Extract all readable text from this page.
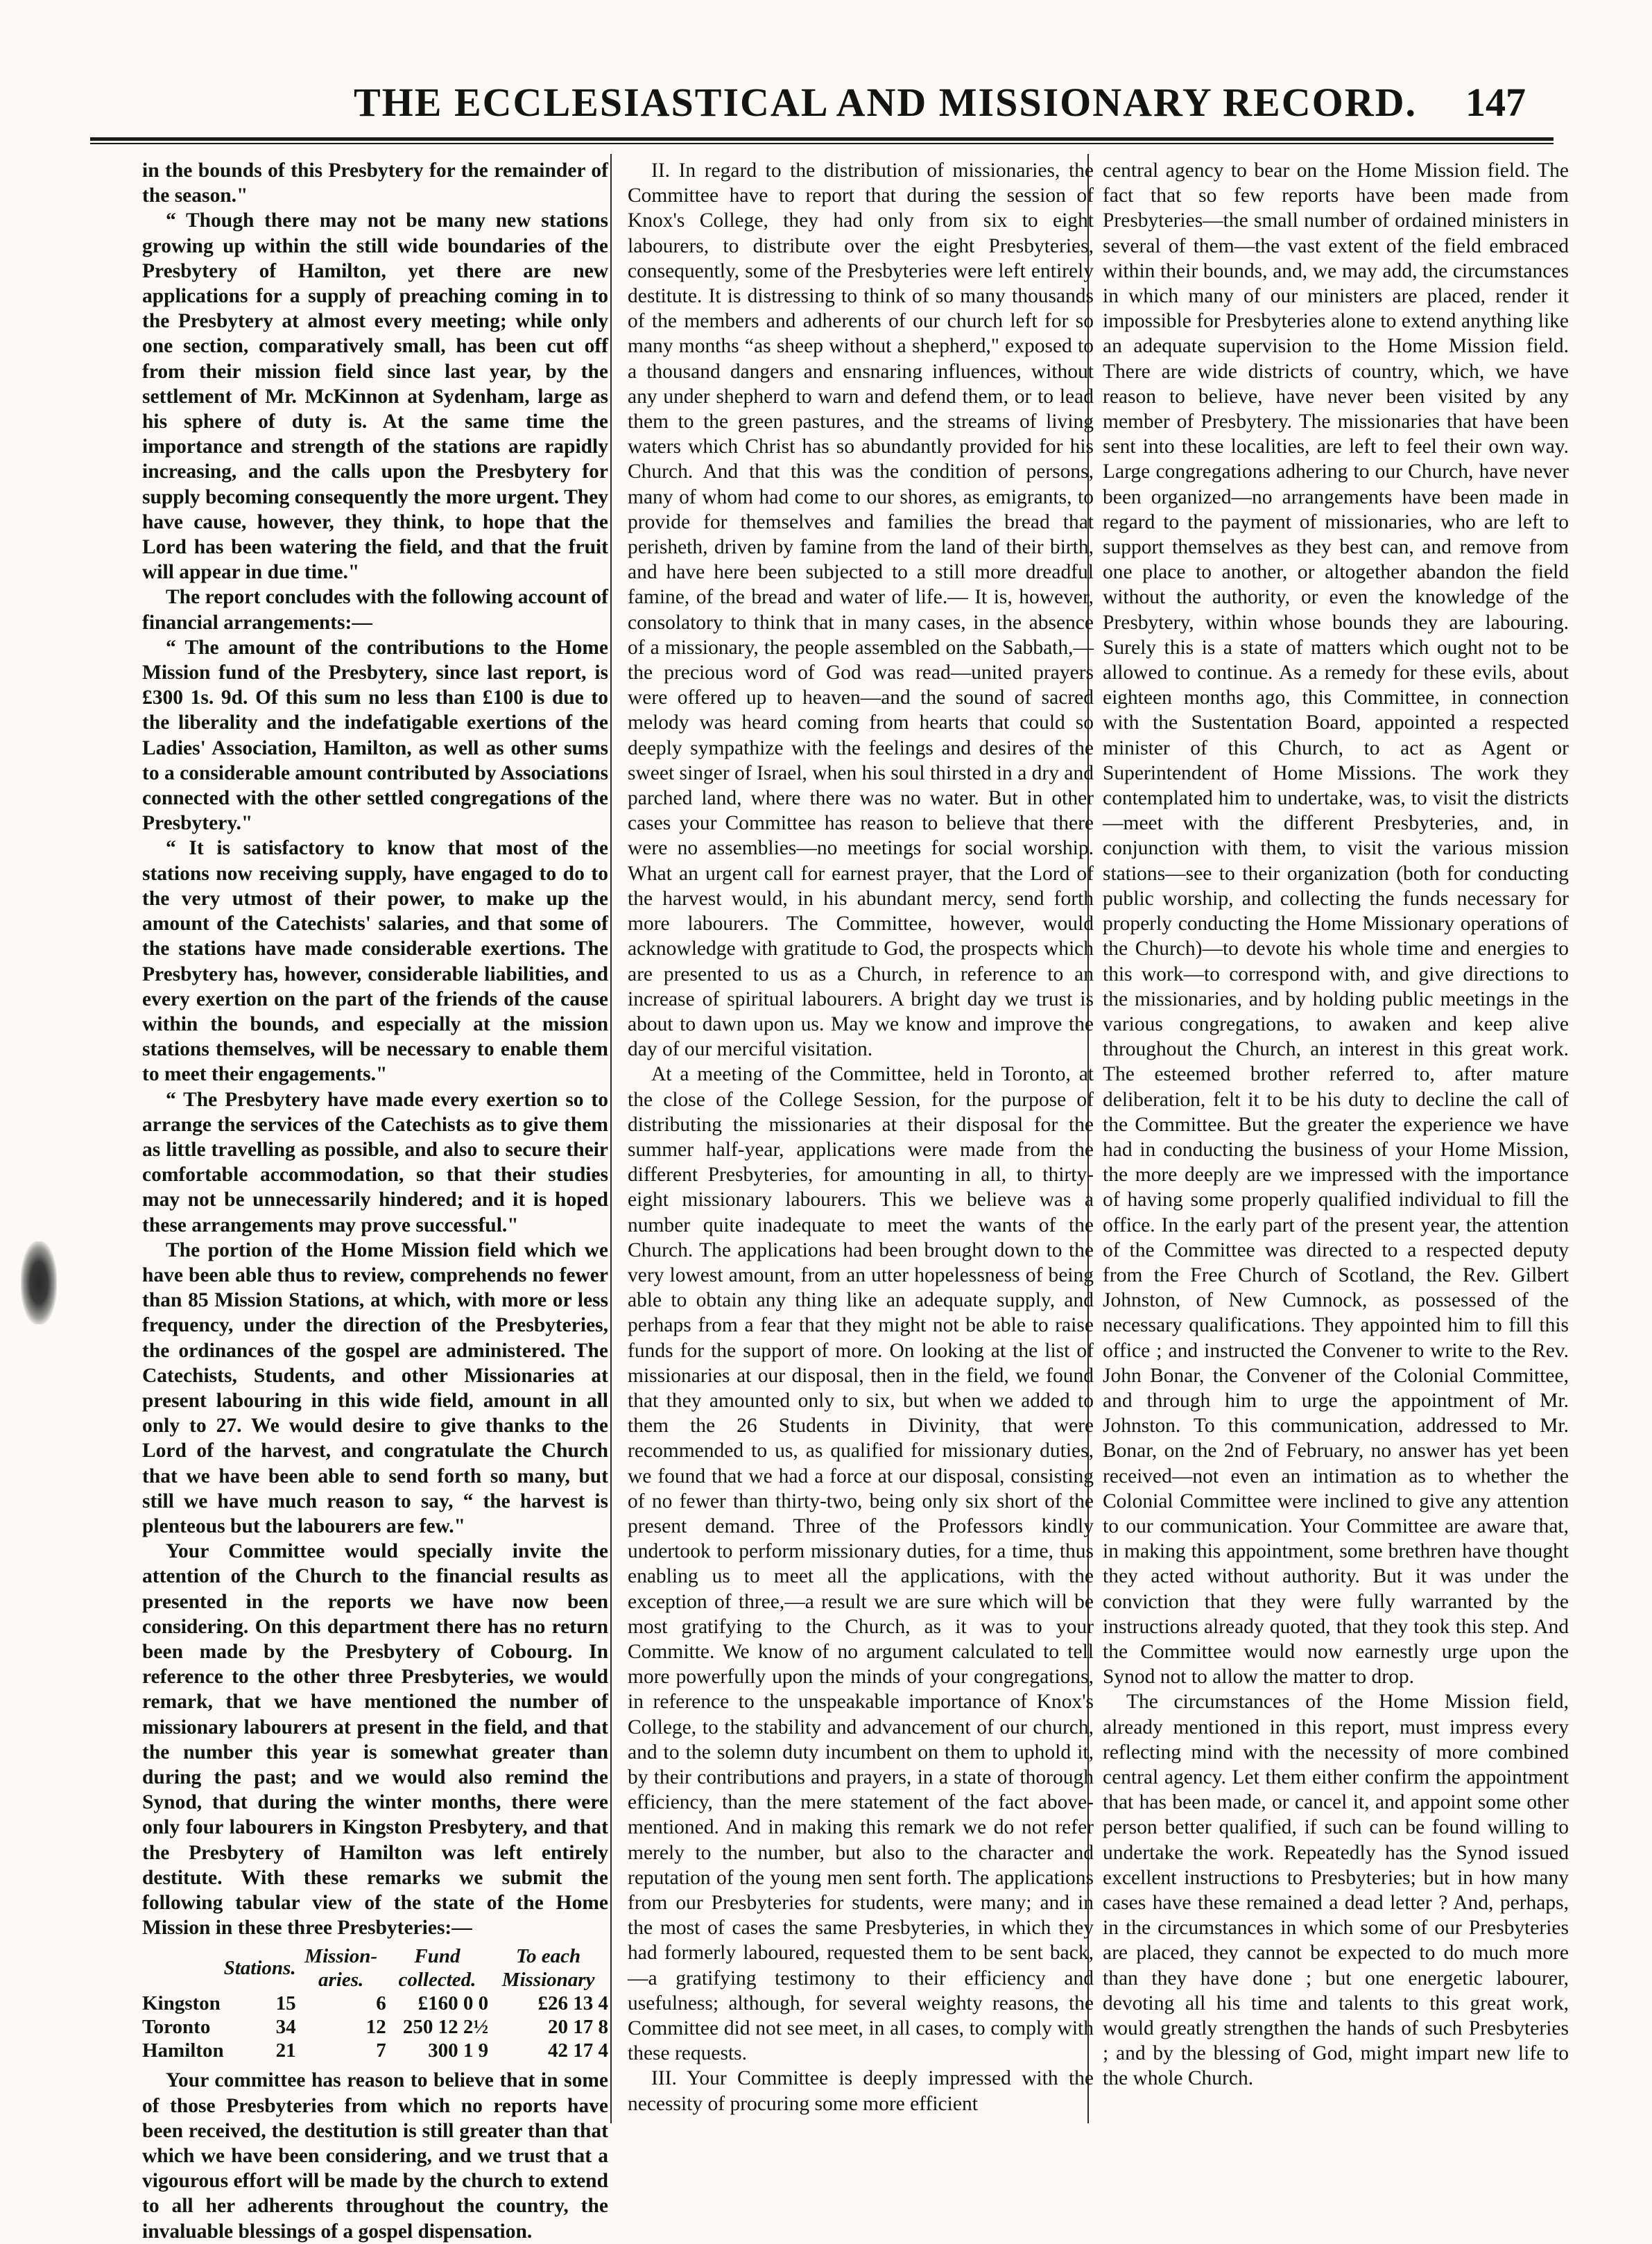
THE ECCLESIASTICAL AND MISSIONARY RECORD. 147

in the bounds of this Presbytery for the remainder of the season."

“ Though there may not be many new stations growing up within the still wide boundaries of the Presbytery of Hamilton, yet there are new applications for a supply of preaching coming in to the Presbytery at almost every meeting; while only one section, comparatively small, has been cut off from their mission field since last year, by the settlement of Mr. McKinnon at Sydenham, large as his sphere of duty is. At the same time the importance and strength of the stations are rapidly increasing, and the calls upon the Presbytery for supply becoming consequently the more urgent. They have cause, however, they think, to hope that the Lord has been watering the field, and that the fruit will appear in due time."

The report concludes with the following account of financial arrangements:—

“ The amount of the contributions to the Home Mission fund of the Presbytery, since last report, is £300 1s. 9d. Of this sum no less than £100 is due to the liberality and the indefatigable exertions of the Ladies' Association, Hamilton, as well as other sums to a considerable amount contributed by Associations connected with the other settled congregations of the Presbytery."

“ It is satisfactory to know that most of the stations now receiving supply, have engaged to do to the very utmost of their power, to make up the amount of the Catechists' salaries, and that some of the stations have made considerable exertions. The Presbytery has, however, considerable liabilities, and every exertion on the part of the friends of the cause within the bounds, and especially at the mission stations themselves, will be necessary to enable them to meet their engagements."

“ The Presbytery have made every exertion so to arrange the services of the Catechists as to give them as little travelling as possible, and also to secure their comfortable accommodation, so that their studies may not be unnecessarily hindered; and it is hoped these arrangements may prove successful."

The portion of the Home Mission field which we have been able thus to review, comprehends no fewer than 85 Mission Stations, at which, with more or less frequency, under the direction of the Presbyteries, the ordinances of the gospel are administered. The Catechists, Students, and other Missionaries at present labouring in this wide field, amount in all only to 27. We would desire to give thanks to the Lord of the harvest, and congratulate the Church that we have been able to send forth so many, but still we have much reason to say, “ the harvest is plenteous but the labourers are few."

Your Committee would specially invite the attention of the Church to the financial results as presented in the reports we have now been considering. On this department there has no return been made by the Presbytery of Cobourg. In reference to the other three Presbyteries, we would remark, that we have mentioned the number of missionary labourers at present in the field, and that the number this year is somewhat greater than during the past; and we would also remind the Synod, that during the winter months, there were only four labourers in Kingston Presbytery, and that the Presbytery of Hamilton was left entirely destitute. With these remarks we submit the following tabular view of the state of the Home Mission in these three Presbyteries:—

	Stations.	Mission-aries.	Fund collected.	To each Missionary
Kingston	15	6	£160 0 0	£26 13 4
Toronto	34	12	250 12 2½	20 17 8
Hamilton	21	7	300 1 9	42 17 4

Your committee has reason to believe that in some of those Presbyteries from which no reports have been received, the destitution is still greater than that which we have been considering, and we trust that a vigourous effort will be made by the church to extend to all her adherents throughout the country, the invaluable blessings of a gospel dispensation.

II. In regard to the distribution of missionaries, the Committee have to report that during the session of Knox's College, they had only from six to eight labourers, to distribute over the eight Presbyteries, consequently, some of the Presbyteries were left entirely destitute. It is distressing to think of so many thousands of the members and adherents of our church left for so many months “as sheep without a shepherd," exposed to a thousand dangers and ensnaring influences, without any under shepherd to warn and defend them, or to lead them to the green pastures, and the streams of living waters which Christ has so abundantly provided for his Church. And that this was the condition of persons, many of whom had come to our shores, as emigrants, to provide for themselves and families the bread that perisheth, driven by famine from the land of their birth, and have here been subjected to a still more dreadful famine, of the bread and water of life.— It is, however, consolatory to think that in many cases, in the absence of a missionary, the people assembled on the Sabbath,—the precious word of God was read—united prayers were offered up to heaven—and the sound of sacred melody was heard coming from hearts that could so deeply sympathize with the feelings and desires of the sweet singer of Israel, when his soul thirsted in a dry and parched land, where there was no water. But in other cases your Committee has reason to believe that there were no assemblies—no meetings for social worship. What an urgent call for earnest prayer, that the Lord of the harvest would, in his abundant mercy, send forth more labourers. The Committee, however, would acknowledge with gratitude to God, the prospects which are presented to us as a Church, in reference to an increase of spiritual labourers. A bright day we trust is about to dawn upon us. May we know and improve the day of our merciful visitation.

At a meeting of the Committee, held in Toronto, at the close of the College Session, for the purpose of distributing the missionaries at their disposal for the summer half-year, applications were made from the different Presbyteries, for amounting in all, to thirty-eight missionary labourers. This we believe was a number quite inadequate to meet the wants of the Church. The applications had been brought down to the very lowest amount, from an utter hopelessness of being able to obtain any thing like an adequate supply, and perhaps from a fear that they might not be able to raise funds for the support of more. On looking at the list of missionaries at our disposal, then in the field, we found that they amounted only to six, but when we added to them the 26 Students in Divinity, that were recommended to us, as qualified for missionary duties, we found that we had a force at our disposal, consisting of no fewer than thirty-two, being only six short of the present demand. Three of the Professors kindly undertook to perform missionary duties, for a time, thus enabling us to meet all the applications, with the exception of three,—a result we are sure which will be most gratifying to the Church, as it was to your Committe. We know of no argument calculated to tell more powerfully upon the minds of your congregations, in reference to the unspeakable importance of Knox's College, to the stability and advancement of our church, and to the solemn duty incumbent on them to uphold it, by their contributions and prayers, in a state of thorough efficiency, than the mere statement of the fact above-mentioned. And in making this remark we do not refer merely to the number, but also to the character and reputation of the young men sent forth. The applications from our Presbyteries for students, were many; and in the most of cases the same Presbyteries, in which they had formerly laboured, requested them to be sent back,—a gratifying testimony to their efficiency and usefulness; although, for several weighty reasons, the Committee did not see meet, in all cases, to comply with these requests.

III. Your Committee is deeply impressed with the necessity of procuring some more efficient

central agency to bear on the Home Mission field. The fact that so few reports have been made from Presbyteries—the small number of ordained ministers in several of them—the vast extent of the field embraced within their bounds, and, we may add, the circumstances in which many of our ministers are placed, render it impossible for Presbyteries alone to extend anything like an adequate supervision to the Home Mission field. There are wide districts of country, which, we have reason to believe, have never been visited by any member of Presbytery. The missionaries that have been sent into these localities, are left to feel their own way. Large congregations adhering to our Church, have never been organized—no arrangements have been made in regard to the payment of missionaries, who are left to support themselves as they best can, and remove from one place to another, or altogether abandon the field without the authority, or even the knowledge of the Presbytery, within whose bounds they are labouring. Surely this is a state of matters which ought not to be allowed to continue. As a remedy for these evils, about eighteen months ago, this Committee, in connection with the Sustentation Board, appointed a respected minister of this Church, to act as Agent or Superintendent of Home Missions. The work they contemplated him to undertake, was, to visit the districts—meet with the different Presbyteries, and, in conjunction with them, to visit the various mission stations—see to their organization (both for conducting public worship, and collecting the funds necessary for properly conducting the Home Missionary operations of the Church)—to devote his whole time and energies to this work—to correspond with, and give directions to the missionaries, and by holding public meetings in the various congregations, to awaken and keep alive throughout the Church, an interest in this great work. The esteemed brother referred to, after mature deliberation, felt it to be his duty to decline the call of the Committee. But the greater the experience we have had in conducting the business of your Home Mission, the more deeply are we impressed with the importance of having some properly qualified individual to fill the office. In the early part of the present year, the attention of the Committee was directed to a respected deputy from the Free Church of Scotland, the Rev. Gilbert Johnston, of New Cumnock, as possessed of the necessary qualifications. They appointed him to fill this office ; and instructed the Convener to write to the Rev. John Bonar, the Convener of the Colonial Committee, and through him to urge the appointment of Mr. Johnston. To this communication, addressed to Mr. Bonar, on the 2nd of February, no answer has yet been received—not even an intimation as to whether the Colonial Committee were inclined to give any attention to our communication. Your Committee are aware that, in making this appointment, some brethren have thought they acted without authority. But it was under the conviction that they were fully warranted by the instructions already quoted, that they took this step. And the Committee would now earnestly urge upon the Synod not to allow the matter to drop.

The circumstances of the Home Mission field, already mentioned in this report, must impress every reflecting mind with the necessity of more combined central agency. Let them either confirm the appointment that has been made, or cancel it, and appoint some other person better qualified, if such can be found willing to undertake the work. Repeatedly has the Synod issued excellent instructions to Presbyteries; but in how many cases have these remained a dead letter ? And, perhaps, in the circumstances in which some of our Presbyteries are placed, they cannot be expected to do much more than they have done ; but one energetic labourer, devoting all his time and talents to this great work, would greatly strengthen the hands of such Presbyteries ; and by the blessing of God, might impart new life to the whole Church.
